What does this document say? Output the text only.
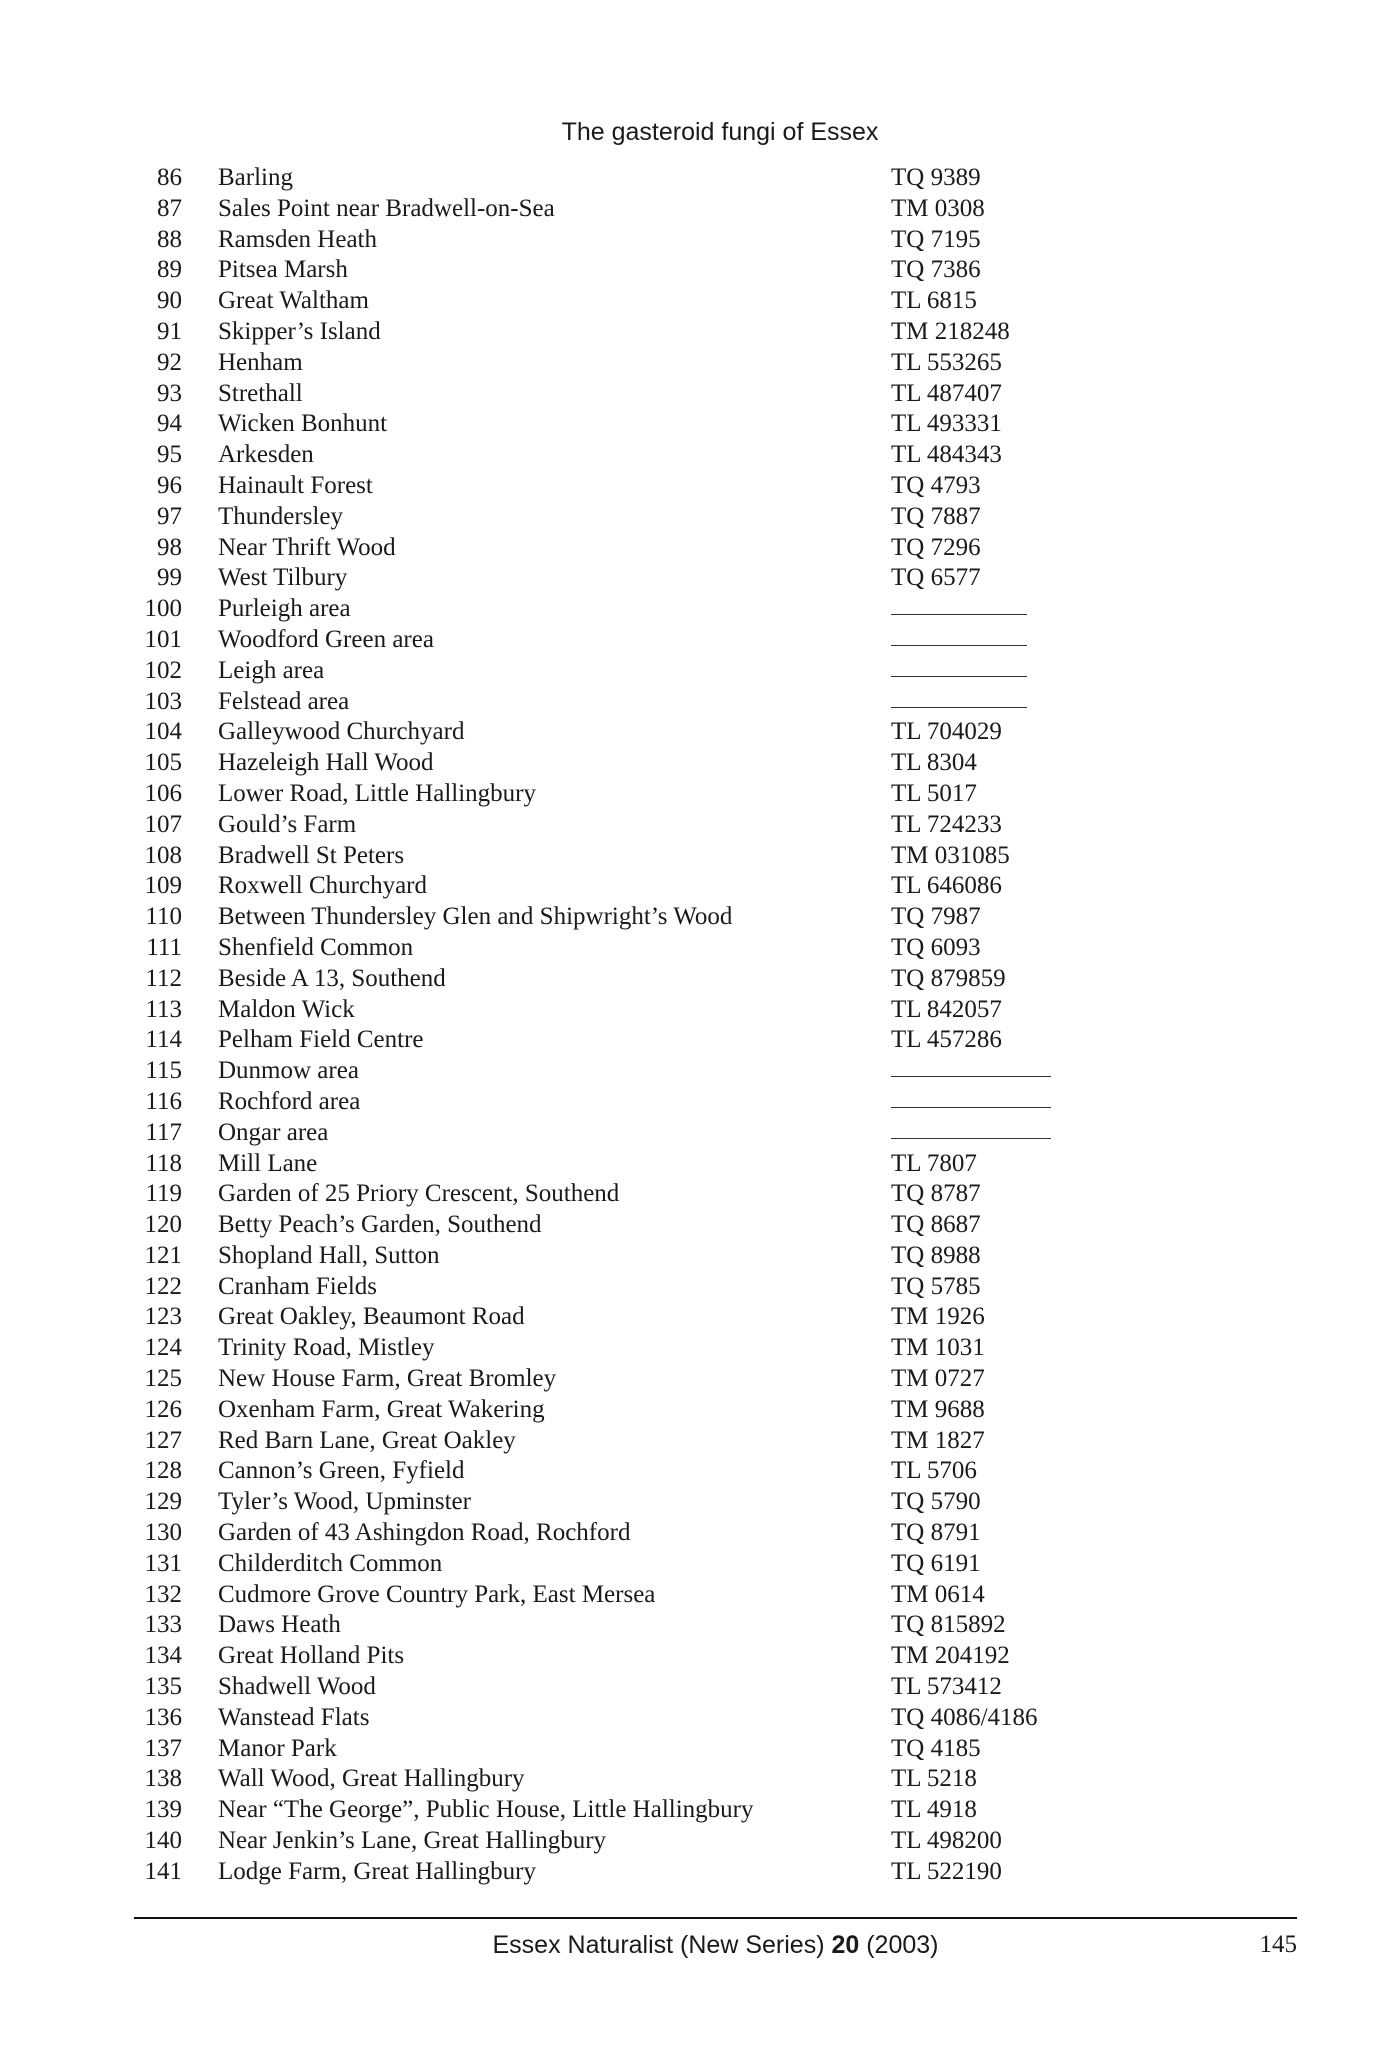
The gasteroid fungi of Essex
86 Barling	TQ 9389
87 Sales Point near Bradwell-on-Sea	TM 0308
88 Ramsden Heath	TQ 7195
89 Pitsea Marsh	TQ 7386
90 Great Waltham	TL 6815
91 Skipper’s Island	TM 218248
92 Henham	TL 553265
93 Strethall	TL 487407
94 Wicken Bonhunt	TL 493331
95 Arkesden	TL 484343
96 Hainault Forest	TQ 4793
97 Thundersley	TQ 7887
98 Near Thrift Wood	TQ 7296
99 West Tilbury	TQ 6577
100 Purleigh area
101 Woodford Green area
102 Leigh area
103 Felstead area
104 Galleywood Churchyard	TL 704029
105 Hazeleigh Hall Wood	TL 8304
106 Lower Road, Little Hallingbury	TL 5017
107 Gould’s Farm	TL 724233
108 Bradwell St Peters	TM 031085
109 Roxwell Churchyard	TL 646086
110 Between Thundersley Glen and Shipwright’s Wood	TQ 7987
111 Shenfield Common	TQ 6093
112 Beside A 13, Southend	TQ 879859
113 Maldon Wick	TL 842057
114 Pelham Field Centre	TL 457286
115 Dunmow area
116 Rochford area
117 Ongar area
118 Mill Lane	TL 7807
119 Garden of 25 Priory Crescent, Southend	TQ 8787
120 Betty Peach’s Garden, Southend	TQ 8687
121 Shopland Hall, Sutton	TQ 8988
122 Cranham Fields	TQ 5785
123 Great Oakley, Beaumont Road	TM 1926
124 Trinity Road, Mistley	TM 1031
125 New House Farm, Great Bromley	TM 0727
126 Oxenham Farm, Great Wakering	TM 9688
127 Red Barn Lane, Great Oakley	TM 1827
128 Cannon’s Green, Fyfield	TL 5706
129 Tyler’s Wood, Upminster	TQ 5790
130 Garden of 43 Ashingdon Road, Rochford	TQ 8791
131 Childerditch Common	TQ 6191
132 Cudmore Grove Country Park, East Mersea	TM 0614
133 Daws Heath	TQ 815892
134 Great Holland Pits	TM 204192
135 Shadwell Wood	TL 573412
136 Wanstead Flats	TQ 4086/4186
137 Manor Park	TQ 4185
138 Wall Wood, Great Hallingbury	TL 5218
139 Near “The George”, Public House, Little Hallingbury	TL 4918
140 Near Jenkin’s Lane, Great Hallingbury	TL 498200
141 Lodge Farm, Great Hallingbury	TL 522190
Essex Naturalist (New Series) 20 (2003)	145
